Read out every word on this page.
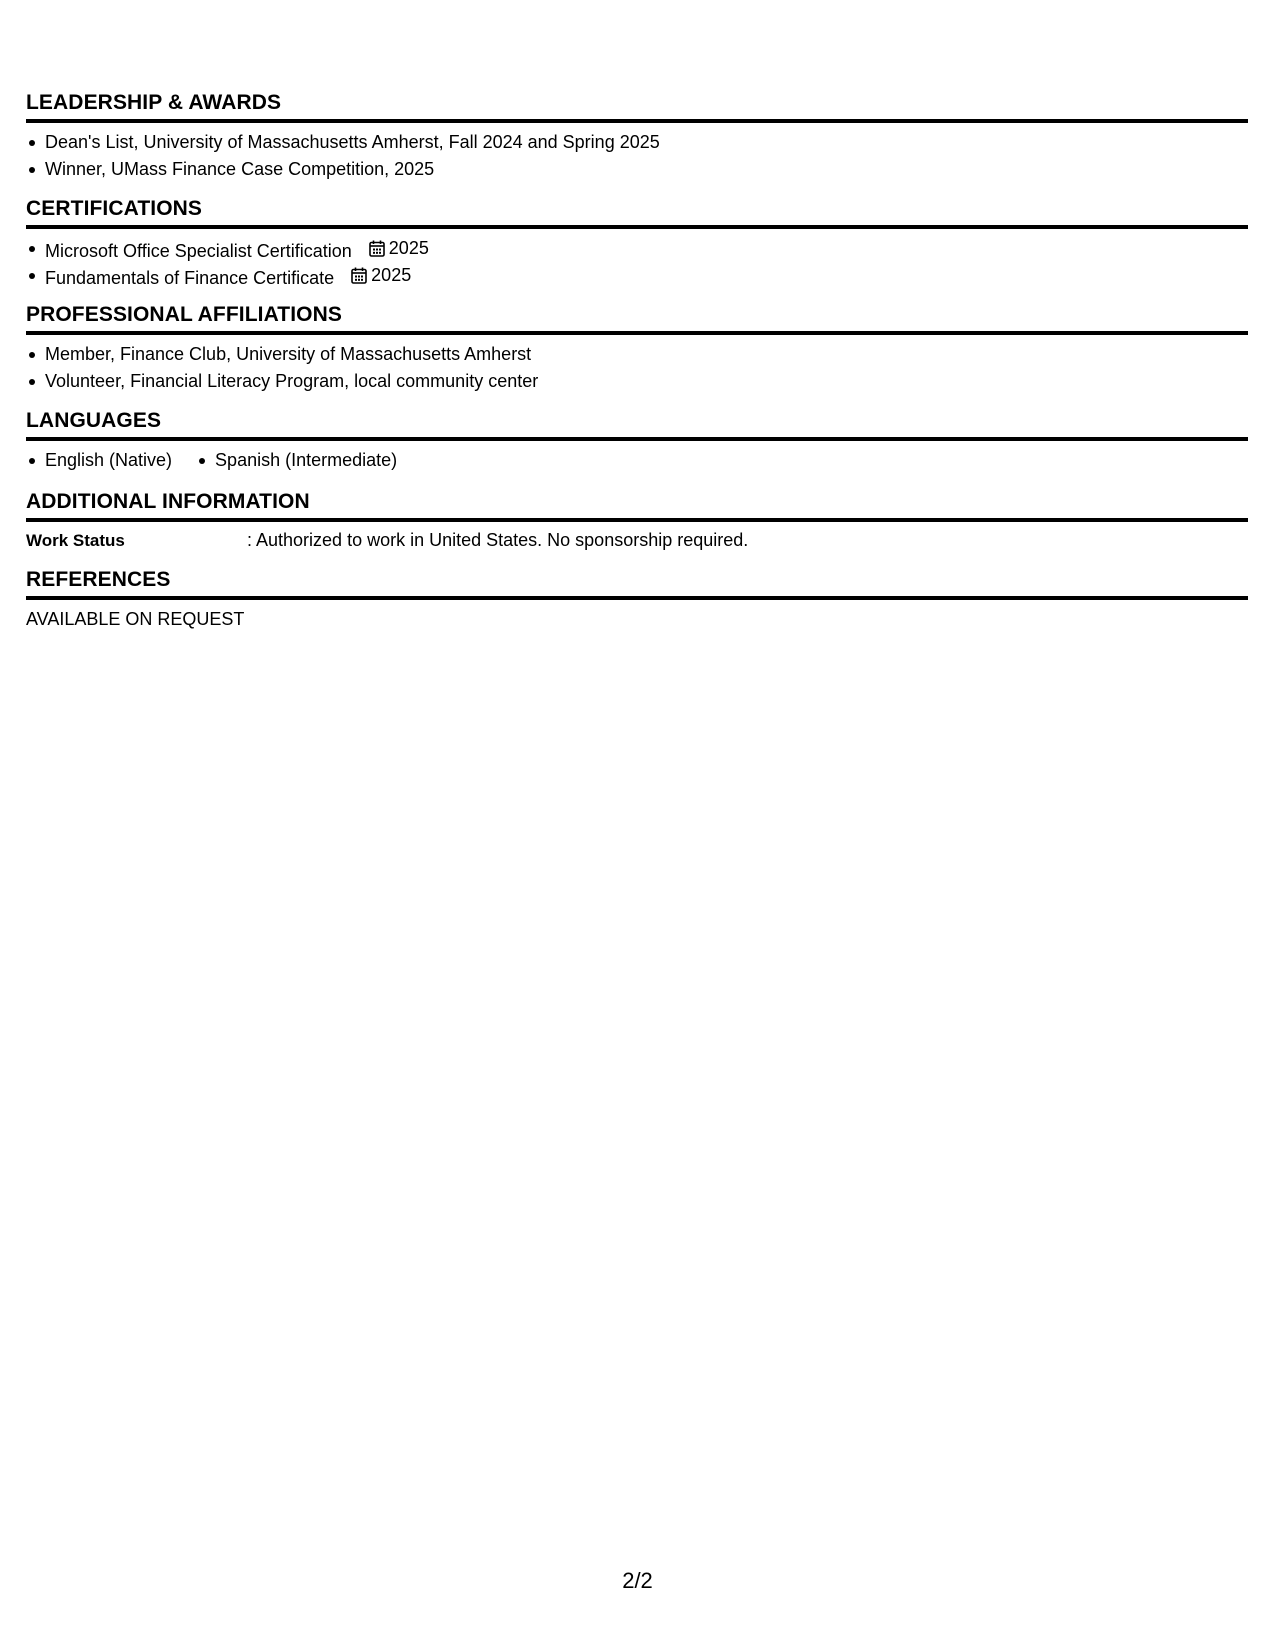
LEADERSHIP & AWARDS
Dean's List, University of Massachusetts Amherst, Fall 2024 and Spring 2025
Winner, UMass Finance Case Competition, 2025
CERTIFICATIONS
Microsoft Office Specialist Certification 2025
Fundamentals of Finance Certificate 2025
PROFESSIONAL AFFILIATIONS
Member, Finance Club, University of Massachusetts Amherst
Volunteer, Financial Literacy Program, local community center
LANGUAGES
English (Native)	Spanish (Intermediate)
ADDITIONAL INFORMATION
Work Status	: Authorized to work in United States. No sponsorship required.
REFERENCES
AVAILABLE ON REQUEST
2/2
